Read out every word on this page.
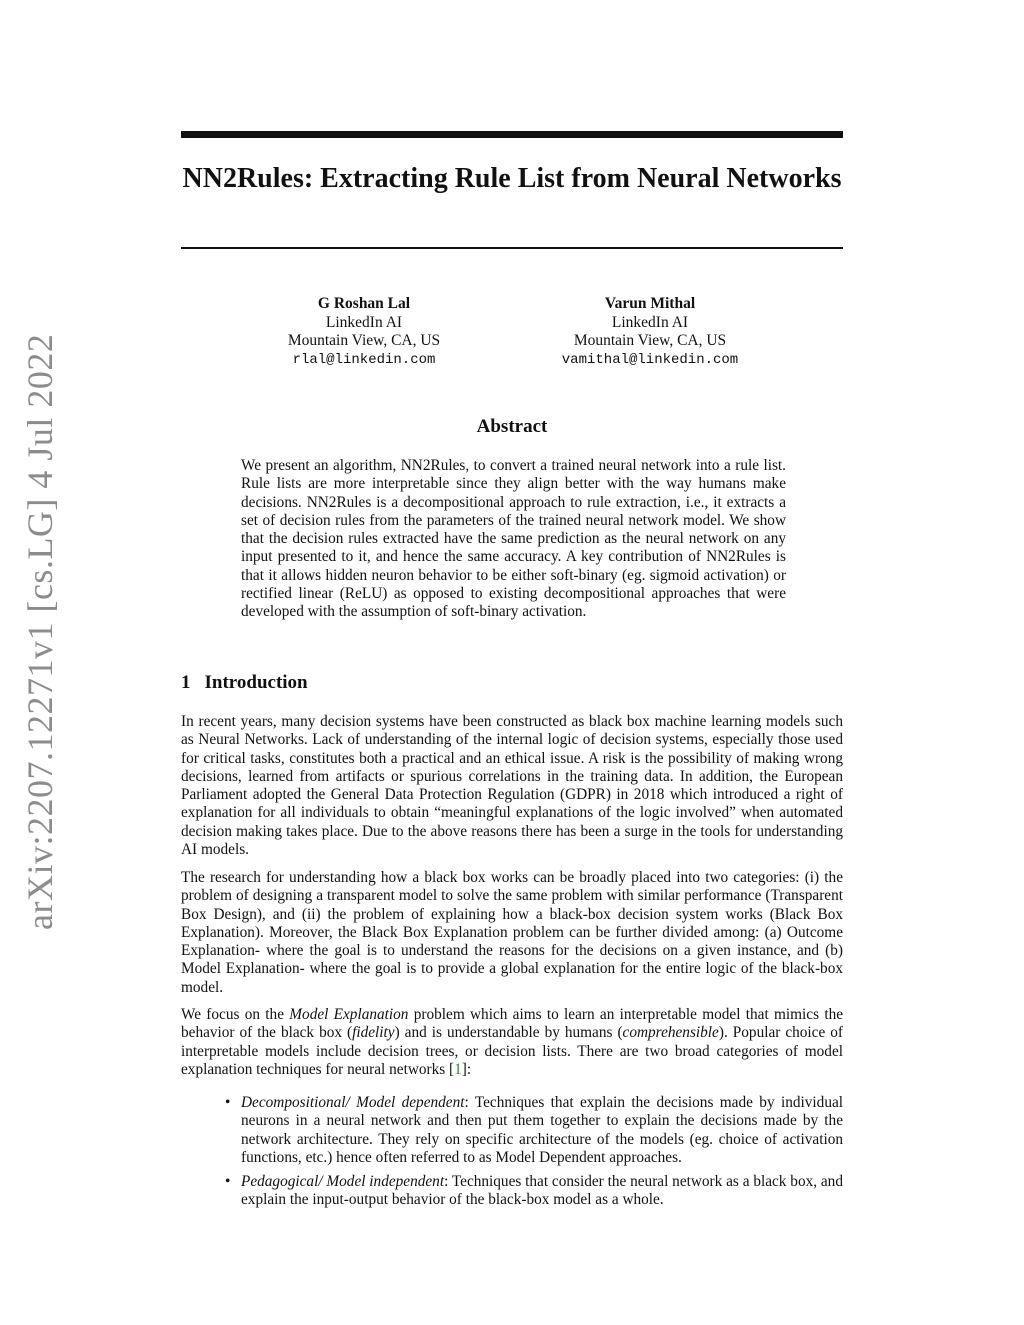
arXiv:2207.12271v1 [cs.LG] 4 Jul 2022
NN2Rules: Extracting Rule List from Neural Networks
G Roshan Lal
LinkedIn AI
Mountain View, CA, US
rlal@linkedin.com
Varun Mithal
LinkedIn AI
Mountain View, CA, US
vamithal@linkedin.com
Abstract

We present an algorithm, NN2Rules, to convert a trained neural network into a rule list. Rule lists are more interpretable since they align better with the way humans make decisions. NN2Rules is a decompositional approach to rule extraction, i.e., it extracts a set of decision rules from the parameters of the trained neural network model. We show that the decision rules extracted have the same prediction as the neural network on any input presented to it, and hence the same accuracy. A key contribution of NN2Rules is that it allows hidden neuron behavior to be either soft-binary (eg. sigmoid activation) or rectified linear (ReLU) as opposed to existing decompositional approaches that were developed with the assumption of soft-binary activation.

1 Introduction

In recent years, many decision systems have been constructed as black box machine learning models such as Neural Networks. Lack of understanding of the internal logic of decision systems, especially those used for critical tasks, constitutes both a practical and an ethical issue. A risk is the possibility of making wrong decisions, learned from artifacts or spurious correlations in the training data. In addition, the European Parliament adopted the General Data Protection Regulation (GDPR) in 2018 which introduced a right of explanation for all individuals to obtain “meaningful explanations of the logic involved” when automated decision making takes place. Due to the above reasons there has been a surge in the tools for understanding AI models.

The research for understanding how a black box works can be broadly placed into two categories: (i) the problem of designing a transparent model to solve the same problem with similar performance (Transparent Box Design), and (ii) the problem of explaining how a black-box decision system works (Black Box Explanation). Moreover, the Black Box Explanation problem can be further divided among: (a) Outcome Explanation- where the goal is to understand the reasons for the decisions on a given instance, and (b) Model Explanation- where the goal is to provide a global explanation for the entire logic of the black-box model.

We focus on the Model Explanation problem which aims to learn an interpretable model that mimics the behavior of the black box (fidelity) and is understandable by humans (comprehensible). Popular choice of interpretable models include decision trees, or decision lists. There are two broad categories of model explanation techniques for neural networks [1]:

• Decompositional/ Model dependent: Techniques that explain the decisions made by individual neurons in a neural network and then put them together to explain the decisions made by the network architecture. They rely on specific architecture of the models (eg. choice of activation functions, etc.) hence often referred to as Model Dependent approaches.
• Pedagogical/ Model independent: Techniques that consider the neural network as a black box, and explain the input-output behavior of the black-box model as a whole.
